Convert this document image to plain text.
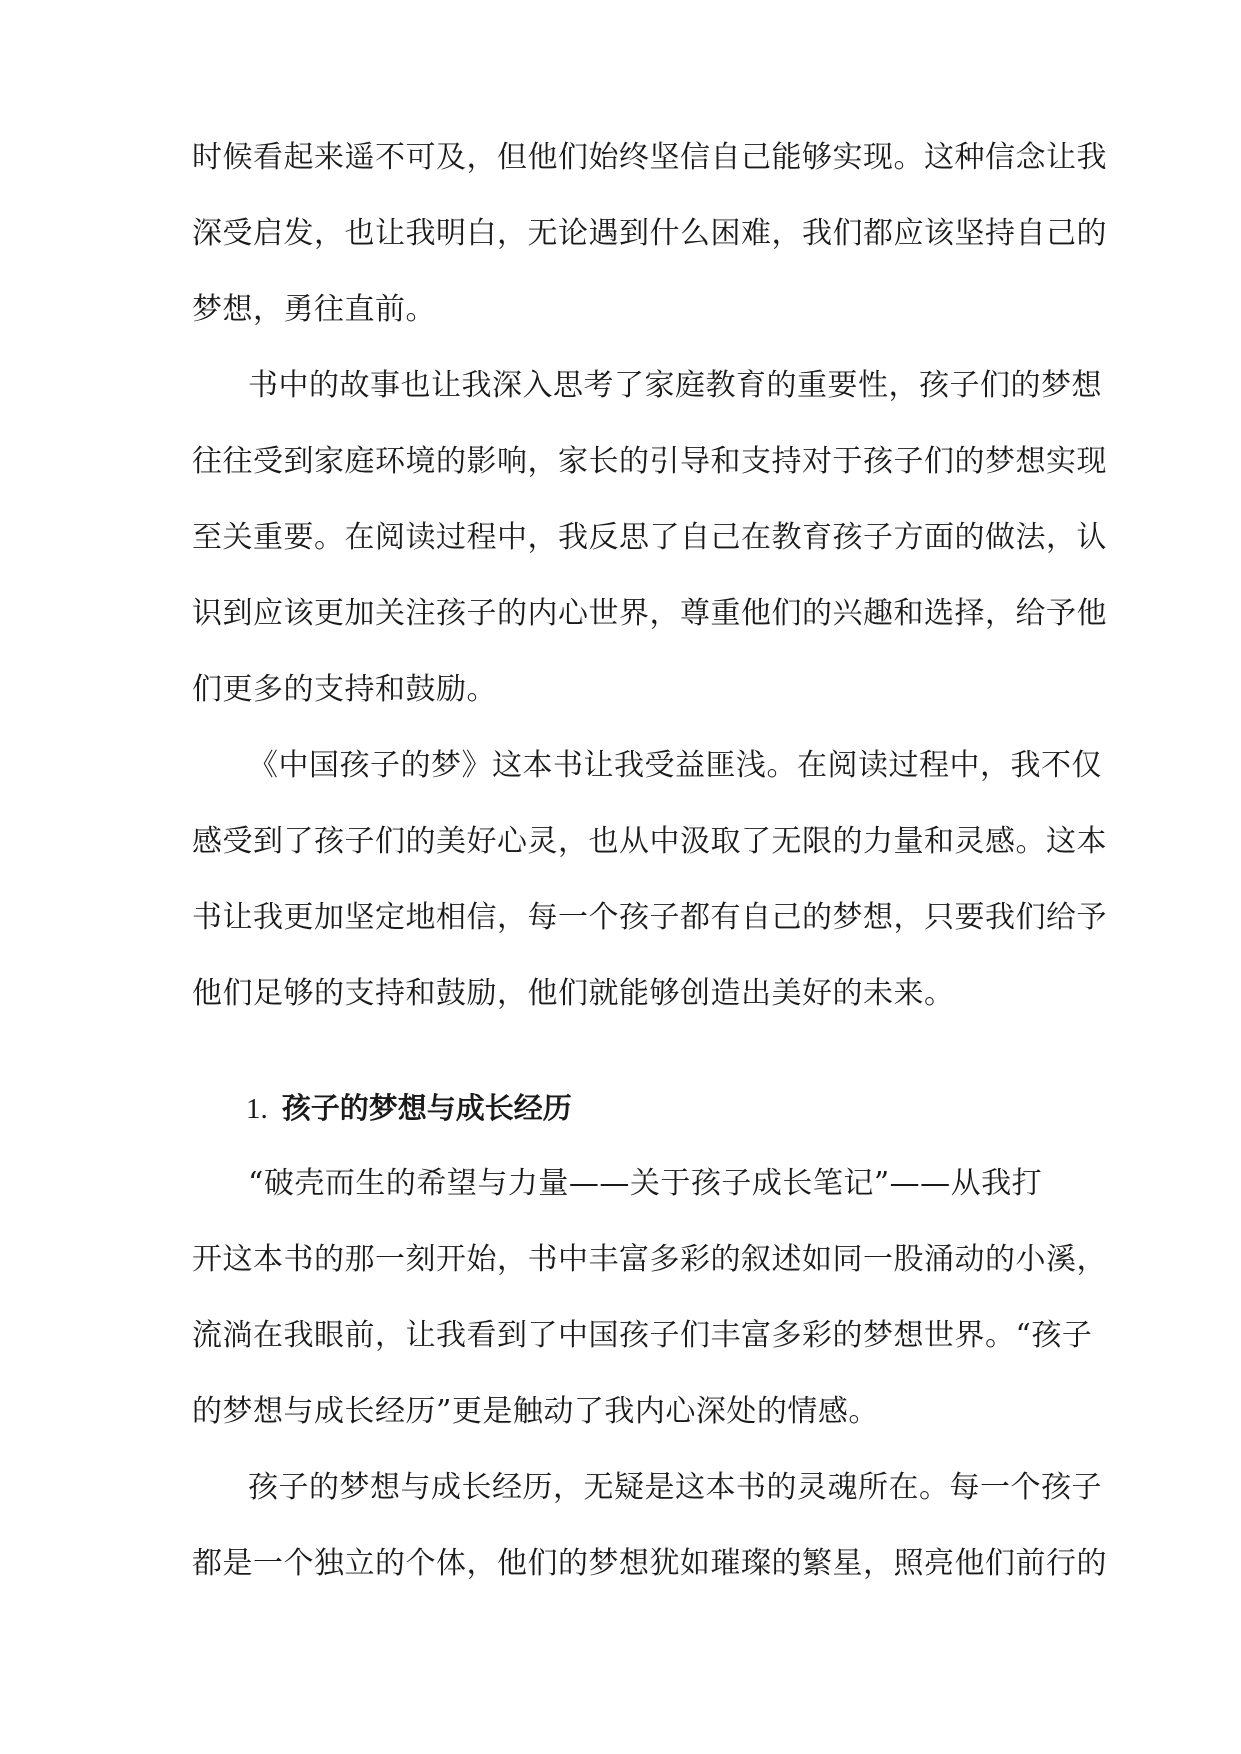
时候看起来遥不可及，但他们始终坚信自己能够实现。这种信念让我
深受启发，也让我明白，无论遇到什么困难，我们都应该坚持自己的
梦想，勇往直前。
书中的故事也让我深入思考了家庭教育的重要性，孩子们的梦想
往往受到家庭环境的影响，家长的引导和支持对于孩子们的梦想实现
至关重要。在阅读过程中，我反思了自己在教育孩子方面的做法，认
识到应该更加关注孩子的内心世界，尊重他们的兴趣和选择，给予他
们更多的支持和鼓励。
《中国孩子的梦》这本书让我受益匪浅。在阅读过程中，我不仅
感受到了孩子们的美好心灵，也从中汲取了无限的力量和灵感。这本
书让我更加坚定地相信，每一个孩子都有自己的梦想，只要我们给予
他们足够的支持和鼓励，他们就能够创造出美好的未来。
1. 孩子的梦想与成长经历
“破壳而生的希望与力量——关于孩子成长笔记”——从我打
开这本书的那一刻开始，书中丰富多彩的叙述如同一股涌动的小溪，
流淌在我眼前，让我看到了中国孩子们丰富多彩的梦想世界。“孩子
的梦想与成长经历”更是触动了我内心深处的情感。
孩子的梦想与成长经历，无疑是这本书的灵魂所在。每一个孩子
都是一个独立的个体，他们的梦想犹如璀璨的繁星，照亮他们前行的
